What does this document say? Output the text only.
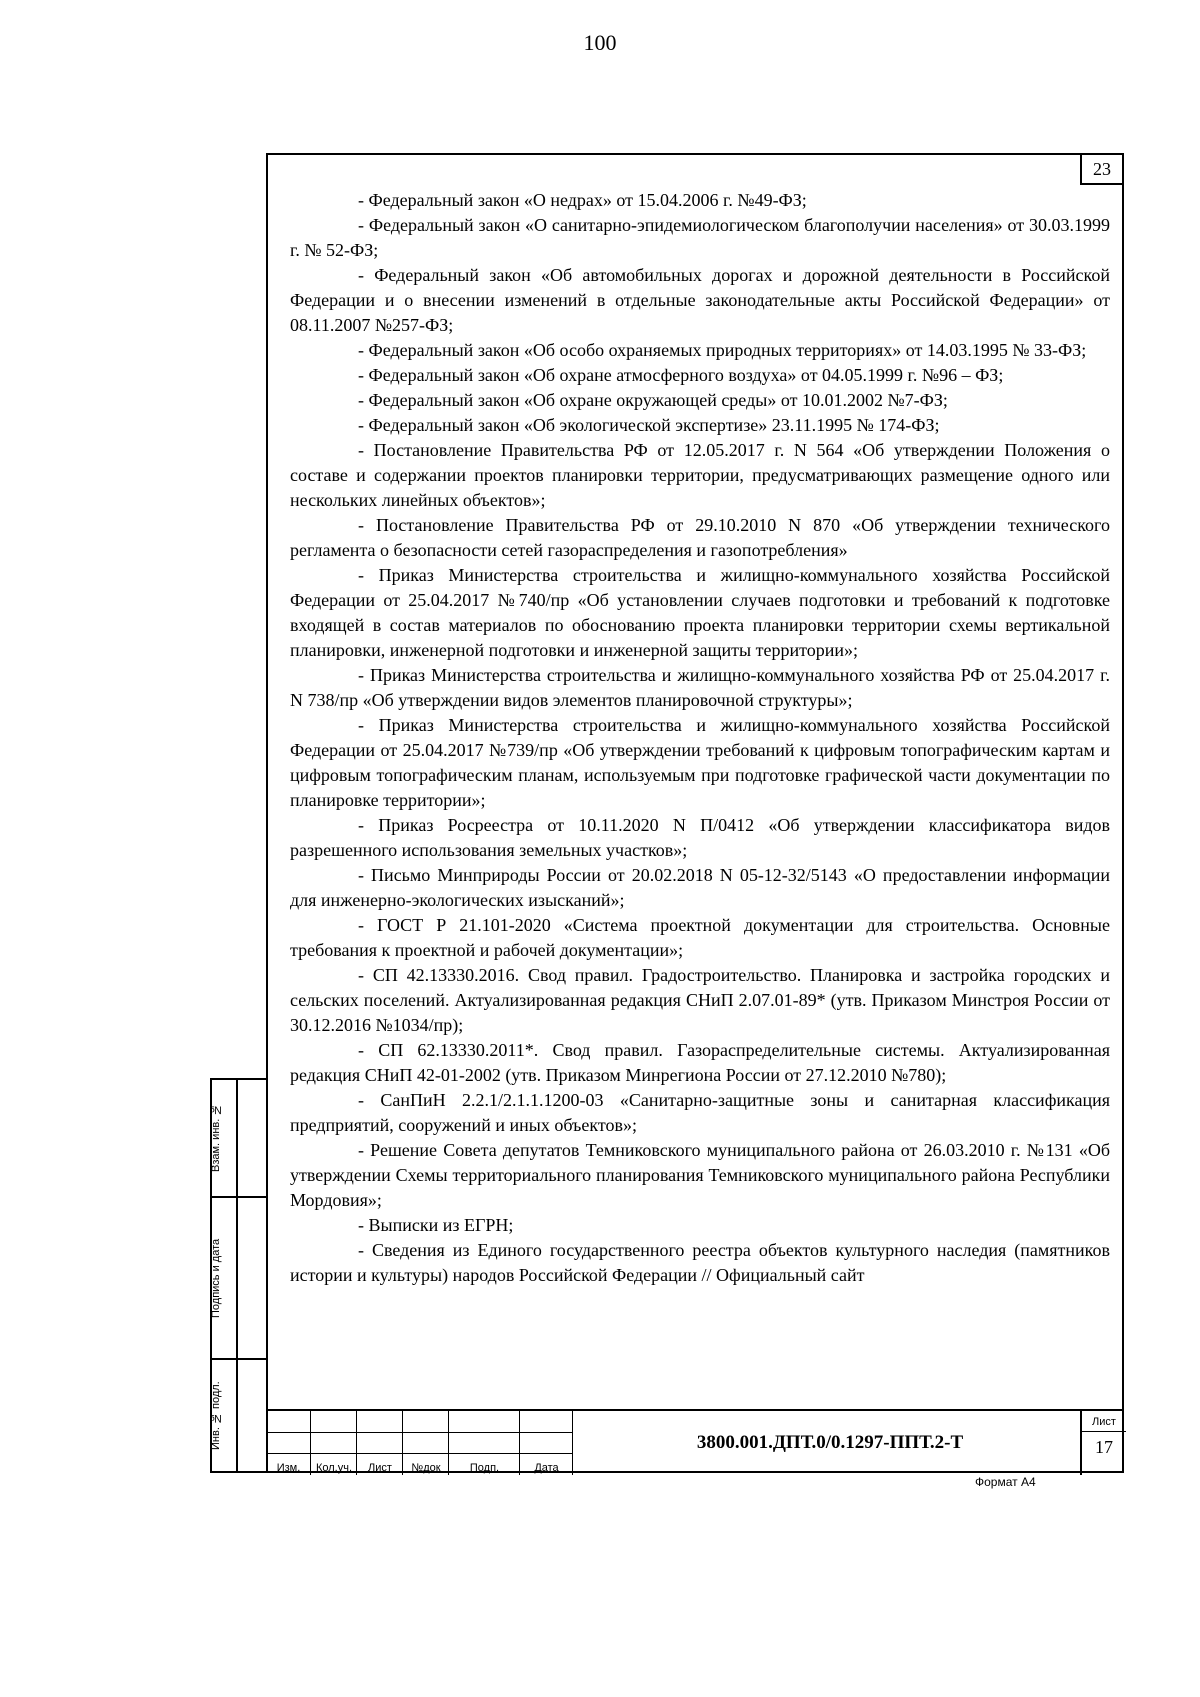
100
23

- Федеральный закон «О недрах» от 15.04.2006 г. №49-ФЗ;

- Федеральный закон «О санитарно-эпидемиологическом благополучии населения» от 30.03.1999 г. № 52-ФЗ;

- Федеральный закон «Об автомобильных дорогах и дорожной деятельности в Российской Федерации и о внесении изменений в отдельные законодательные акты Российской Федерации» от 08.11.2007 №257-ФЗ;

- Федеральный закон «Об особо охраняемых природных территориях» от 14.03.1995 № 33-ФЗ;

- Федеральный закон «Об охране атмосферного воздуха» от 04.05.1999 г. №96 – ФЗ;

- Федеральный закон «Об охране окружающей среды» от 10.01.2002 №7-ФЗ;

- Федеральный закон «Об экологической экспертизе» 23.11.1995 № 174-ФЗ;

- Постановление Правительства РФ от 12.05.2017 г. N 564 «Об утверждении Положения о составе и содержании проектов планировки территории, предусматривающих размещение одного или нескольких линейных объектов»;

- Постановление Правительства РФ от 29.10.2010 N 870 «Об утверждении технического регламента о безопасности сетей газораспределения и газопотребления»

- Приказ Министерства строительства и жилищно-коммунального хозяйства Российской Федерации от 25.04.2017 №740/пр «Об установлении случаев подготовки и требований к подготовке входящей в состав материалов по обоснованию проекта планировки территории схемы вертикальной планировки, инженерной подготовки и инженерной защиты территории»;

- Приказ Министерства строительства и жилищно-коммунального хозяйства РФ от 25.04.2017 г. N 738/пр «Об утверждении видов элементов планировочной структуры»;

- Приказ Министерства строительства и жилищно-коммунального хозяйства Российской Федерации от 25.04.2017 №739/пр «Об утверждении требований к цифровым топографическим картам и цифровым топографическим планам, используемым при подготовке графической части документации по планировке территории»;

- Приказ Росреестра от 10.11.2020 N П/0412 «Об утверждении классификатора видов разрешенного использования земельных участков»;

- Письмо Минприроды России от 20.02.2018 N 05-12-32/5143 «О предоставлении информации для инженерно-экологических изысканий»;

- ГОСТ Р 21.101-2020 «Система проектной документации для строительства. Основные требования к проектной и рабочей документации»;

- СП 42.13330.2016. Свод правил. Градостроительство. Планировка и застройка городских и сельских поселений. Актуализированная редакция СНиП 2.07.01-89* (утв. Приказом Минстроя России от 30.12.2016 №1034/пр);

- СП 62.13330.2011*. Свод правил. Газораспределительные системы. Актуализированная редакция СНиП 42-01-2002 (утв. Приказом Минрегиона России от 27.12.2010 №780);

- СанПиН 2.2.1/2.1.1.1200-03 «Санитарно-защитные зоны и санитарная классификация предприятий, сооружений и иных объектов»;

- Решение Совета депутатов Темниковского муниципального района от 26.03.2010 г. №131 «Об утверждении Схемы территориального планирования Темниковского муниципального района Республики Мордовия»;

- Выписки из ЕГРН;

- Сведения из Единого государственного реестра объектов культурного наследия (памятников истории и культуры) народов Российской Федерации // Официальный сайт

Взам. инв. №
Подпись и дата
Инв. № подл.
Изм.	Кол.уч.	Лист	№док	Подп.	Дата
3800.001.ДПТ.0/0.1297-ППТ.2-Т
Лист
17
Формат А4
